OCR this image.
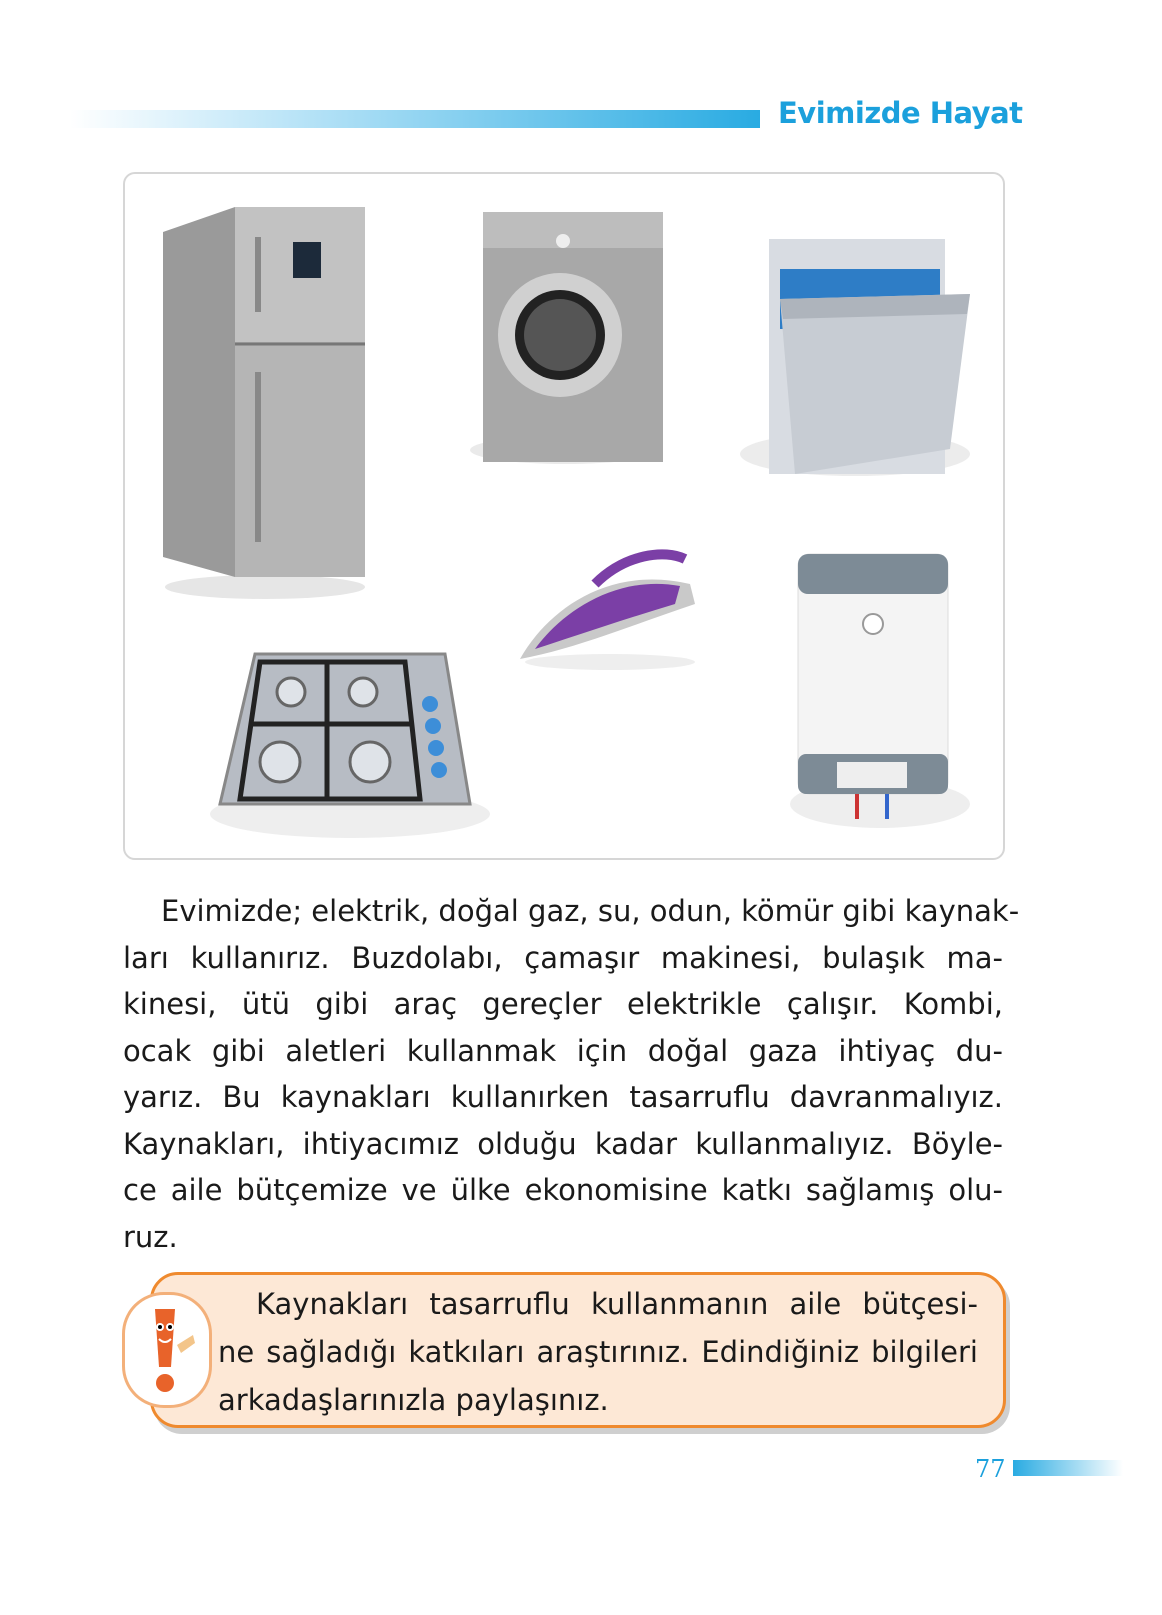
Evimizde Hayat
Evimizde; elektrik, doğal gaz, su, odun, kömür gibi kaynak-
ları kullanırız. Buzdolabı, çamaşır makinesi, bulaşık ma-
kinesi, ütü gibi araç gereçler elektrikle çalışır. Kombi,
ocak gibi aletleri kullanmak için doğal gaza ihtiyaç du-
yarız. Bu kaynakları kullanırken tasarruflu davranmalıyız.
Kaynakları, ihtiyacımız olduğu kadar kullanmalıyız. Böyle-
ce aile bütçemize ve ülke ekonomisine katkı sağlamış olu-
ruz.
Kaynakları tasarruflu kullanmanın aile bütçesi-
ne sağladığı katkıları araştırınız. Edindiğiniz bilgileri
arkadaşlarınızla paylaşınız.
77
